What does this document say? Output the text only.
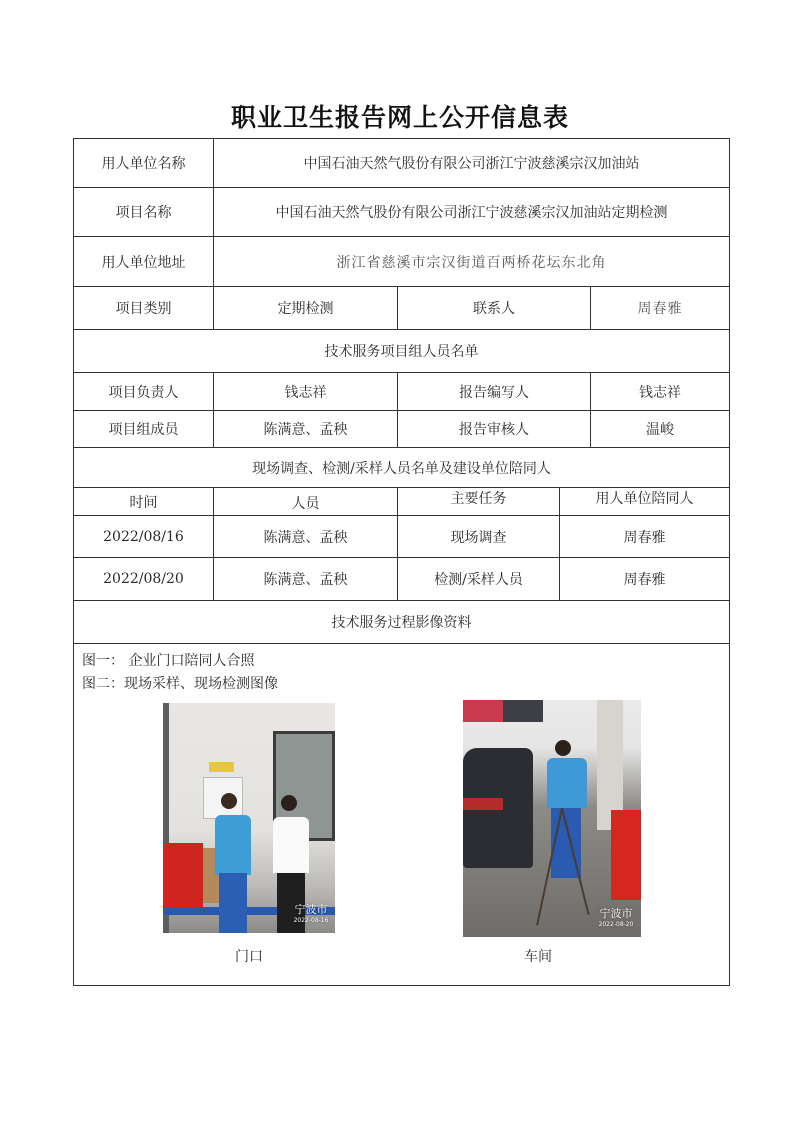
职业卫生报告网上公开信息表
用人单位名称	中国石油天然气股份有限公司浙江宁波慈溪宗汉加油站
项目名称	中国石油天然气股份有限公司浙江宁波慈溪宗汉加油站定期检测
用人单位地址	浙江省慈溪市宗汉街道百两桥花坛东北角
项目类别	定期检测	联系人	周春雅
技术服务项目组人员名单
项目负责人	钱志祥	报告编写人	钱志祥
项目组成员	陈满意、孟秧	报告审核人	温峻
现场调查、检测/采样人员名单及建设单位陪同人
时间	人员	主要任务	用人单位陪同人
2022/08/16	陈满意、孟秧	现场调查	周春雅
2022/08/20	陈满意、孟秧	检测/采样人员	周春雅
技术服务过程影像资料
图一： 企业门口陪同人合照
图二：现场采样、现场检测图像
宁波市
2022-08-16
门口
宁波市
2022-08-20
车间
